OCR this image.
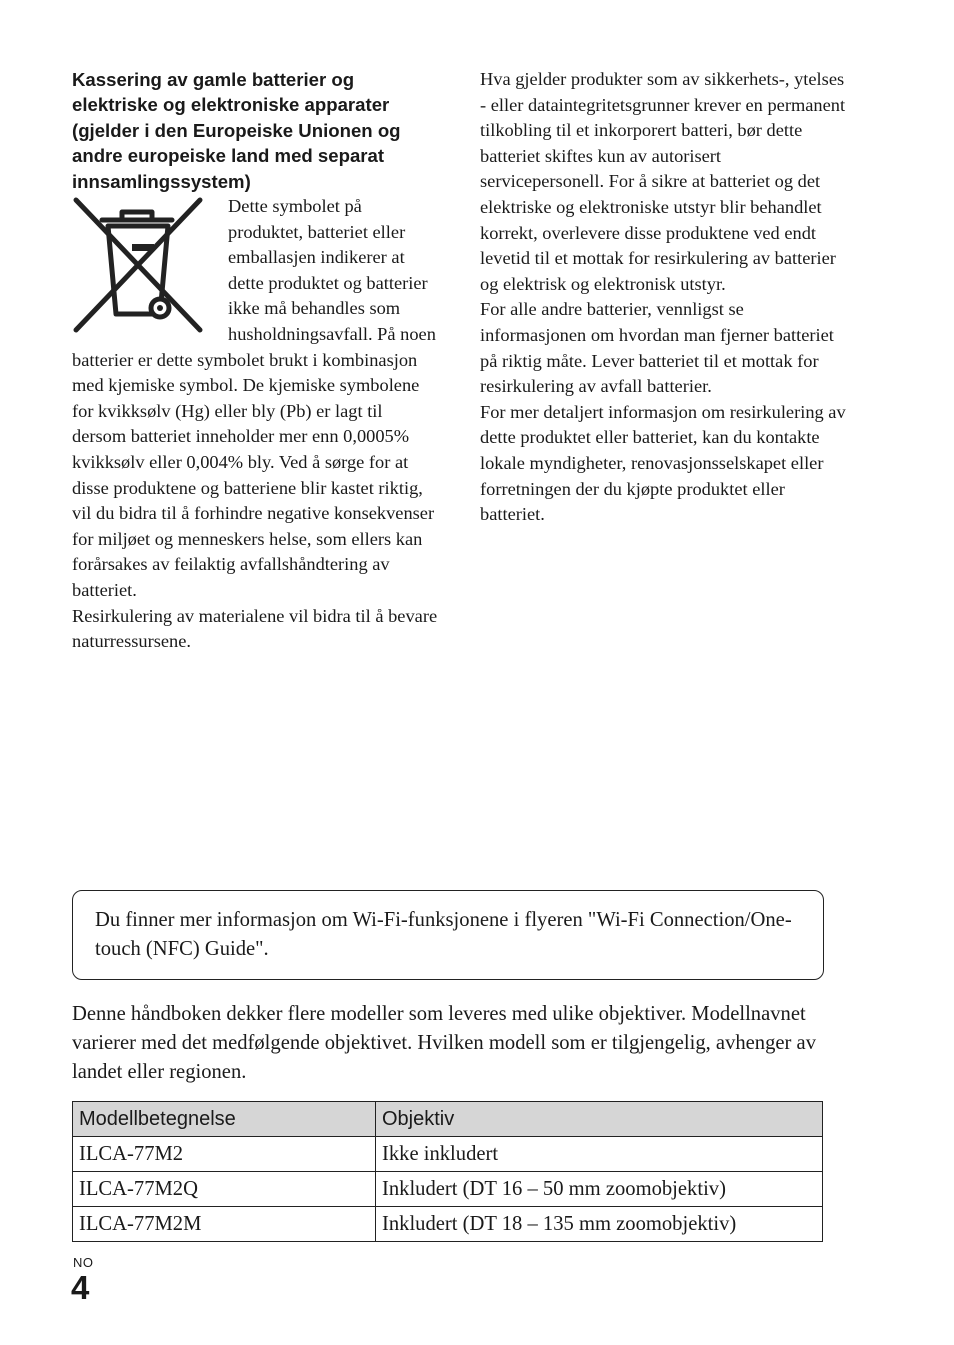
Kassering av gamle batterier og elektriske og elektroniske apparater (gjelder i den Europeiske Unionen og andre europeiske land med separat innsamlingssystem)

Dette symbolet på produktet, batteriet eller emballasjen indikerer at dette produktet og batterier ikke må behandles som husholdningsavfall. På noen batterier er dette symbolet brukt i kombinasjon med kjemiske symbol. De kjemiske symbolene for kvikksølv (Hg) eller bly (Pb) er lagt til dersom batteriet inneholder mer enn 0,0005% kvikksølv eller 0,004% bly. Ved å sørge for at disse produktene og batteriene blir kastet riktig, vil du bidra til å forhindre negative konsekvenser for miljøet og menneskers helse, som ellers kan forårsakes av feilaktig avfallshåndtering av batteriet.

Resirkulering av materialene vil bidra til å bevare naturressursene.

Hva gjelder produkter som av sikkerhets-, ytelses - eller dataintegritetsgrunner krever en permanent tilkobling til et inkorporert batteri, bør dette batteriet skiftes kun av autorisert servicepersonell. For å sikre at batteriet og det elektriske og elektroniske utstyr blir behandlet korrekt, overlevere disse produktene ved endt levetid til et mottak for resirkulering av batterier og elektrisk og elektronisk utstyr.

For alle andre batterier, vennligst se informasjonen om hvordan man fjerner batteriet på riktig måte. Lever batteriet til et mottak for resirkulering av avfall batterier.

For mer detaljert informasjon om resirkulering av dette produktet eller batteriet, kan du kontakte lokale myndigheter, renovasjonsselskapet eller forretningen der du kjøpte produktet eller batteriet.

Du finner mer informasjon om Wi-Fi-funksjonene i flyeren "Wi-Fi Connection/One-touch (NFC) Guide".

Denne håndboken dekker flere modeller som leveres med ulike objektiver. Modellnavnet varierer med det medfølgende objektivet. Hvilken modell som er tilgjengelig, avhenger av landet eller regionen.

Modellbetegnelse	Objektiv
ILCA-77M2	Ikke inkludert
ILCA-77M2Q	Inkludert (DT 16 – 50 mm zoomobjektiv)
ILCA-77M2M	Inkludert (DT 18 – 135 mm zoomobjektiv)
NO
4
